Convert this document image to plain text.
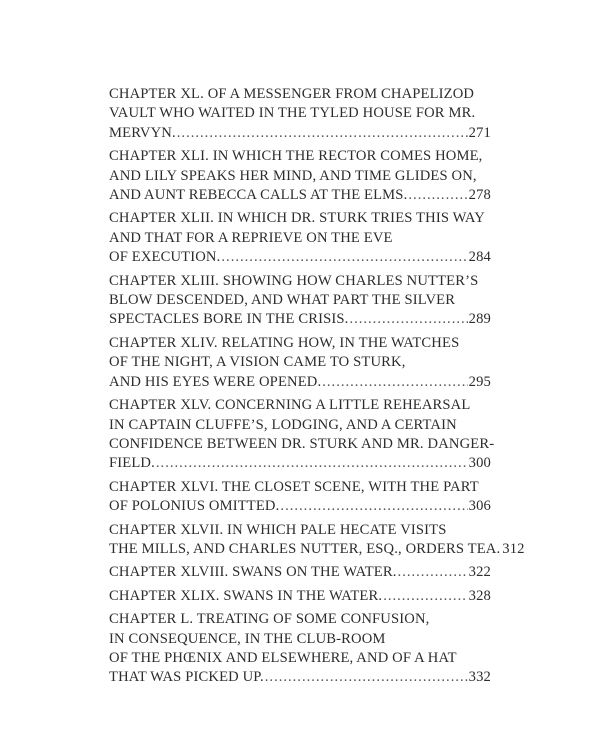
CHAPTER XL. OF A MESSENGER FROM CHAPELIZOD
VAULT WHO WAITED IN THE TYLED HOUSE FOR MR.
MERVYN. .....	271
CHAPTER XLI. IN WHICH THE RECTOR COMES HOME,
AND LILY SPEAKS HER MIND, AND TIME GLIDES ON,
AND AUNT REBECCA CALLS AT THE ELMS. .....	278
CHAPTER XLII. IN WHICH DR. STURK TRIES THIS WAY
AND THAT FOR A REPRIEVE ON THE EVE
OF EXECUTION. .....	284
CHAPTER XLIII. SHOWING HOW CHARLES NUTTER’S
BLOW DESCENDED, AND WHAT PART THE SILVER
SPECTACLES BORE IN THE CRISIS. .....	289
CHAPTER XLIV. RELATING HOW, IN THE WATCHES
OF THE NIGHT, A VISION CAME TO STURK,
AND HIS EYES WERE OPENED. .....	295
CHAPTER XLV. CONCERNING A LITTLE REHEARSAL
IN CAPTAIN CLUFFE’S, LODGING, AND A CERTAIN
CONFIDENCE BETWEEN DR. STURK AND MR. DANGER-
FIELD. .....	300
CHAPTER XLVI. THE CLOSET SCENE, WITH THE PART
OF POLONIUS OMITTED. .....	306
CHAPTER XLVII. IN WHICH PALE HECATE VISITS
THE MILLS, AND CHARLES NUTTER, ESQ., ORDERS TEA. 312
CHAPTER XLVIII. SWANS ON THE WATER. .....	322
CHAPTER XLIX. SWANS IN THE WATER. .....	328
CHAPTER L. TREATING OF SOME CONFUSION,
IN CONSEQUENCE, IN THE CLUB-ROOM
OF THE PHŒNIX AND ELSEWHERE, AND OF A HAT
THAT WAS PICKED UP. .....	332
